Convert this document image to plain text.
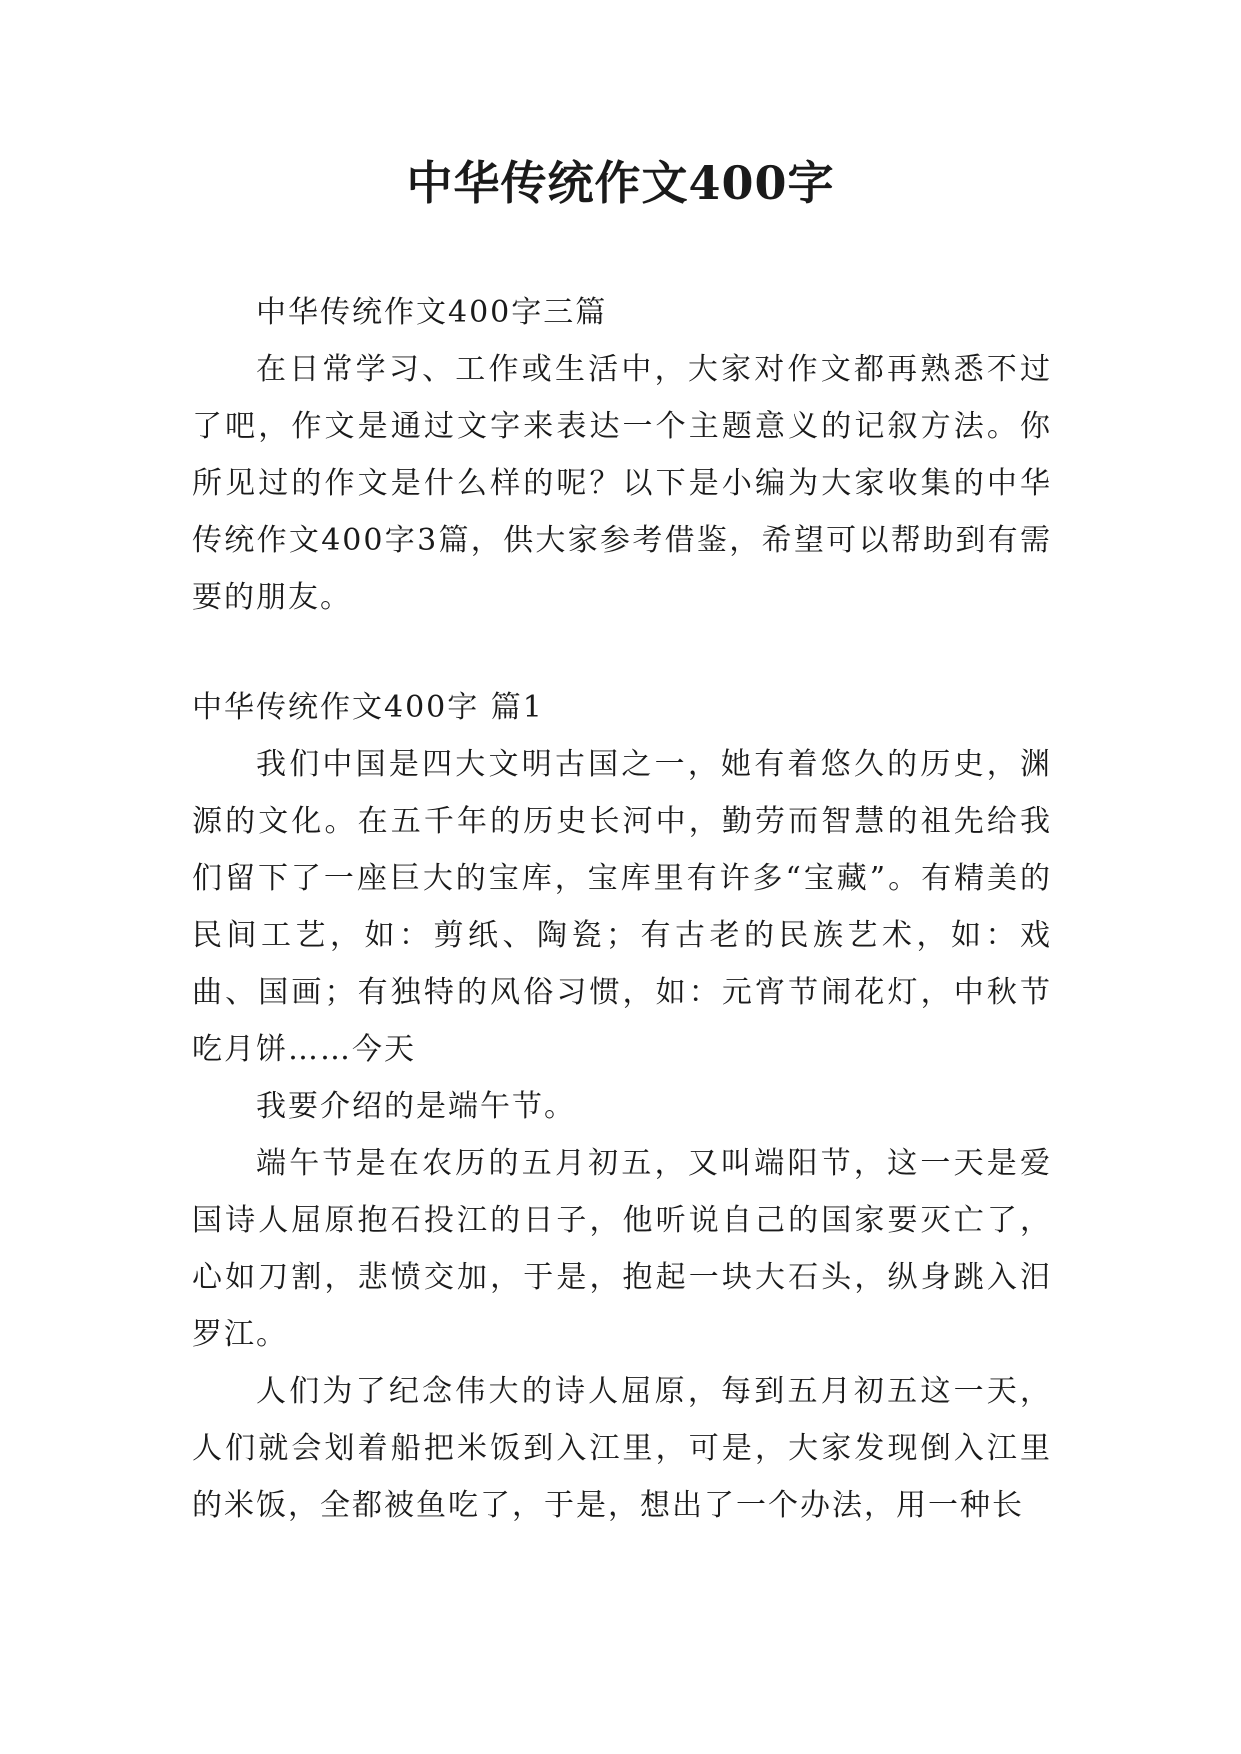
中华传统作文400字

中华传统作文400字三篇

在日常学习、工作或生活中，大家对作文都再熟悉不过了吧，作文是通过文字来表达一个主题意义的记叙方法。你所见过的作文是什么样的呢？以下是小编为大家收集的中华传统作文400字3篇，供大家参考借鉴，希望可以帮助到有需要的朋友。

中华传统作文400字 篇1

我们中国是四大文明古国之一，她有着悠久的历史，渊源的文化。在五千年的历史长河中，勤劳而智慧的祖先给我们留下了一座巨大的宝库，宝库里有许多“宝藏”。有精美的民间工艺，如：剪纸、陶瓷；有古老的民族艺术，如：戏曲、国画；有独特的风俗习惯，如：元宵节闹花灯，中秋节吃月饼……今天

我要介绍的是端午节。

端午节是在农历的五月初五，又叫端阳节，这一天是爱国诗人屈原抱石投江的日子，他听说自己的国家要灭亡了，心如刀割，悲愤交加，于是，抱起一块大石头，纵身跳入汨罗江。

人们为了纪念伟大的诗人屈原，每到五月初五这一天，人们就会划着船把米饭到入江里，可是，大家发现倒入江里的米饭，全都被鱼吃了，于是，想出了一个办法，用一种长
